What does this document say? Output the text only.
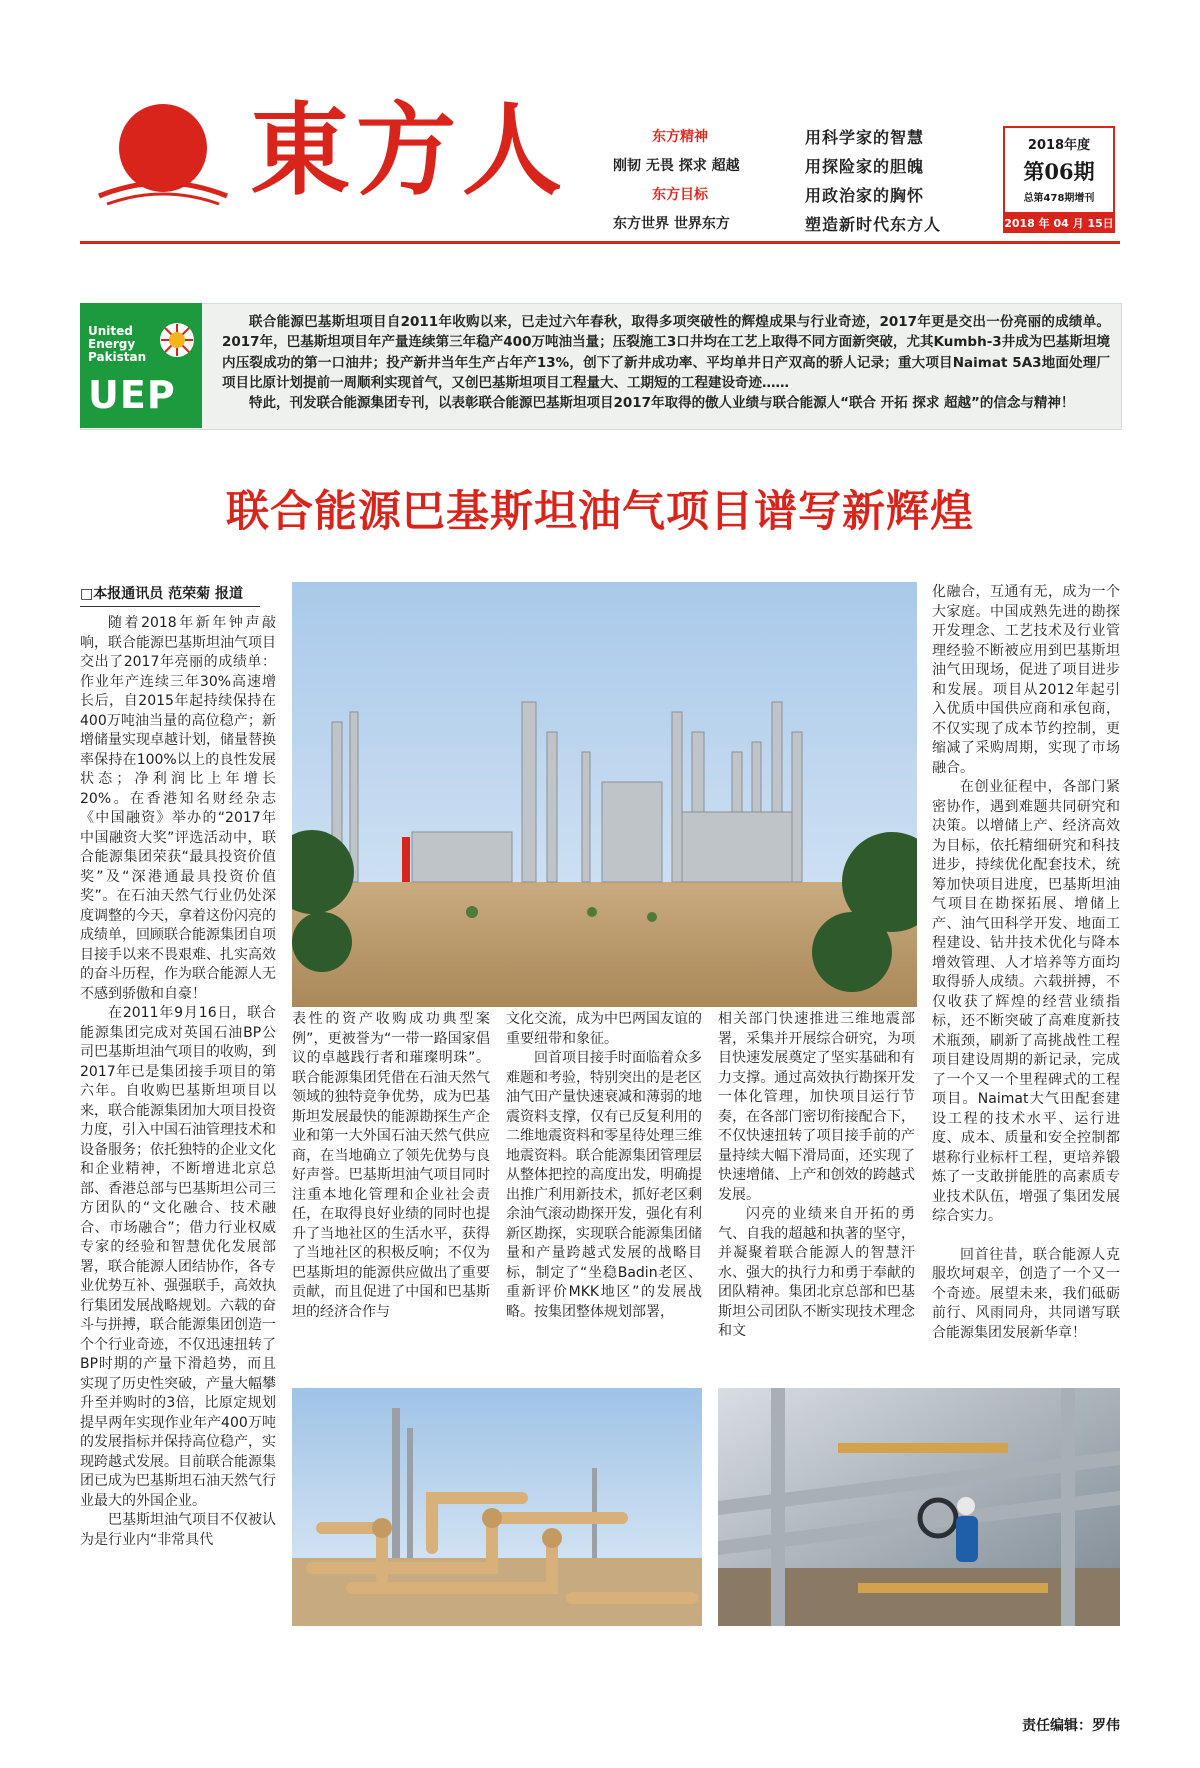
東方人	东方精神
刚韧 无畏 探求 超越
东方目标
东方世界 世界东方
用科学家的智慧
用探险家的胆魄
用政治家的胸怀
塑造新时代东方人
2018年度
第06期
总第478期增刊
2018 年 04 月 15日
United
Energy
Pakistan
UEP

联合能源巴基斯坦项目自2011年收购以来，已走过六年春秋，取得多项突破性的辉煌成果与行业奇迹，2017年更是交出一份亮丽的成绩单。2017年，巴基斯坦项目年产量连续第三年稳产400万吨油当量；压裂施工3口井均在工艺上取得不同方面新突破，尤其Kumbh-3井成为巴基斯坦境内压裂成功的第一口油井；投产新井当年生产占年产13%，创下了新井成功率、平均单井日产双高的骄人记录；重大项目Naimat 5A3地面处理厂项目比原计划提前一周顺利实现首气，又创巴基斯坦项目工程量大、工期短的工程建设奇迹……

特此，刊发联合能源集团专刊，以表彰联合能源巴基斯坦项目2017年取得的傲人业绩与联合能源人“联合 开拓 探求 超越”的信念与精神！

联合能源巴基斯坦油气项目谱写新辉煌
□本报通讯员 范荣菊 报道

随着2018年新年钟声敲响，联合能源巴基斯坦油气项目交出了2017年亮丽的成绩单：作业年产连续三年30%高速增长后，自2015年起持续保持在400万吨油当量的高位稳产；新增储量实现卓越计划，储量替换率保持在100%以上的良性发展状态；净利润比上年增长20%。在香港知名财经杂志《中国融资》举办的“2017年中国融资大奖”评选活动中，联合能源集团荣获“最具投资价值奖”及“深港通最具投资价值奖”。在石油天然气行业仍处深度调整的今天，拿着这份闪亮的成绩单，回顾联合能源集团自项目接手以来不畏艰难、扎实高效的奋斗历程，作为联合能源人无不感到骄傲和自豪！

在2011年9月16日，联合能源集团完成对英国石油BP公司巴基斯坦油气项目的收购，到2017年已是集团接手项目的第六年。自收购巴基斯坦项目以来，联合能源集团加大项目投资力度，引入中国石油管理技术和设备服务；依托独特的企业文化和企业精神，不断增进北京总部、香港总部与巴基斯坦公司三方团队的“文化融合、技术融合、市场融合”；借力行业权威专家的经验和智慧优化发展部署，联合能源人团结协作，各专业优势互补、强强联手，高效执行集团发展战略规划。六载的奋斗与拼搏，联合能源集团创造一个个行业奇迹，不仅迅速扭转了BP时期的产量下滑趋势，而且实现了历史性突破，产量大幅攀升至并购时的3倍，比原定规划提早两年实现作业年产400万吨的发展指标并保持高位稳产，实现跨越式发展。目前联合能源集团已成为巴基斯坦石油天然气行业最大的外国企业。

巴基斯坦油气项目不仅被认为是行业内“非常具代

表性的资产收购成功典型案例”，更被誉为“一带一路国家倡议的卓越践行者和璀璨明珠”。联合能源集团凭借在石油天然气领域的独特竞争优势，成为巴基斯坦发展最快的能源勘探生产企业和第一大外国石油天然气供应商，在当地确立了领先优势与良好声誉。巴基斯坦油气项目同时注重本地化管理和企业社会责任，在取得良好业绩的同时也提升了当地社区的生活水平，获得了当地社区的积极反响；不仅为巴基斯坦的能源供应做出了重要贡献，而且促进了中国和巴基斯坦的经济合作与

文化交流，成为中巴两国友谊的重要纽带和象征。

回首项目接手时面临着众多难题和考验，特别突出的是老区油气田产量快速衰减和薄弱的地震资料支撑，仅有已反复利用的二维地震资料和零星待处理三维地震资料。联合能源集团管理层从整体把控的高度出发，明确提出推广利用新技术，抓好老区剩余油气滚动勘探开发，强化有利新区勘探，实现联合能源集团储量和产量跨越式发展的战略目标，制定了“坐稳Badin老区、重新评价MKK地区”的发展战略。按集团整体规划部署，

相关部门快速推进三维地震部署，采集并开展综合研究，为项目快速发展奠定了坚实基础和有力支撑。通过高效执行勘探开发一体化管理，加快项目运行节奏，在各部门密切衔接配合下，不仅快速扭转了项目接手前的产量持续大幅下滑局面，还实现了快速增储、上产和创效的跨越式发展。

闪亮的业绩来自开拓的勇气、自我的超越和执著的坚守，并凝聚着联合能源人的智慧汗水、强大的执行力和勇于奉献的团队精神。集团北京总部和巴基斯坦公司团队不断实现技术理念和文

化融合，互通有无，成为一个大家庭。中国成熟先进的勘探开发理念、工艺技术及行业管理经验不断被应用到巴基斯坦油气田现场，促进了项目进步和发展。项目从2012年起引入优质中国供应商和承包商，不仅实现了成本节约控制，更缩减了采购周期，实现了市场融合。

在创业征程中，各部门紧密协作，遇到难题共同研究和决策。以增储上产、经济高效为目标，依托精细研究和科技进步，持续优化配套技术，统筹加快项目进度，巴基斯坦油气项目在勘探拓展、增储上产、油气田科学开发、地面工程建设、钻井技术优化与降本增效管理、人才培养等方面均取得骄人成绩。六载拼搏，不仅收获了辉煌的经营业绩指标，还不断突破了高难度新技术瓶颈，刷新了高挑战性工程项目建设周期的新记录，完成了一个又一个里程碑式的工程项目。Naimat大气田配套建设工程的技术水平、运行进度、成本、质量和安全控制都堪称行业标杆工程，更培养锻炼了一支敢拼能胜的高素质专业技术队伍，增强了集团发展综合实力。

回首往昔，联合能源人克服坎坷艰辛，创造了一个又一个奇迹。展望未来，我们砥砺前行、风雨同舟，共同谱写联合能源集团发展新华章！

责任编辑：罗伟
